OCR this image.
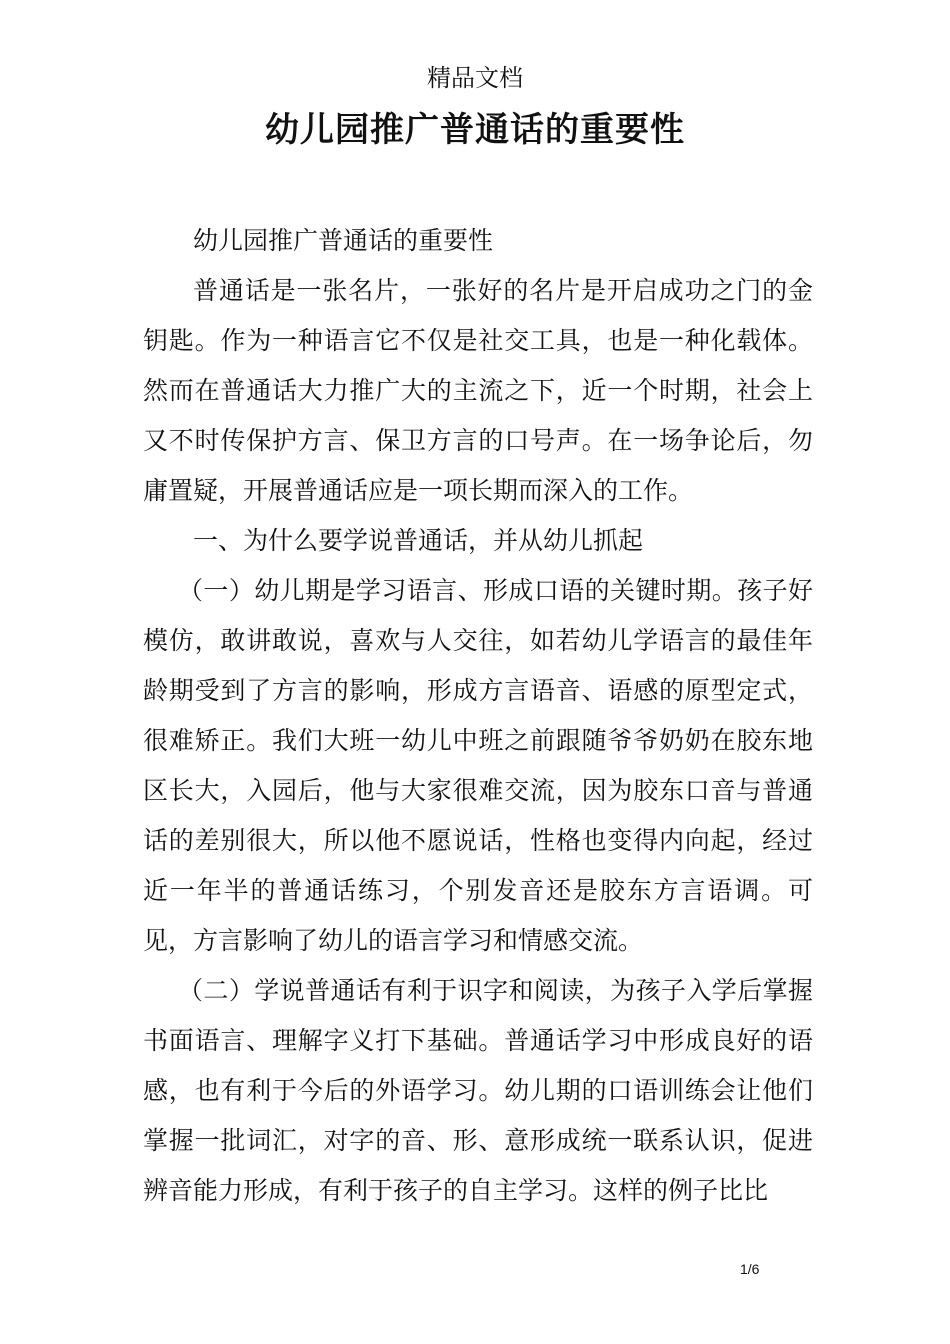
精品文档
幼儿园推广普通话的重要性

幼儿园推广普通话的重要性

普通话是一张名片，一张好的名片是开启成功之门的金钥匙。作为一种语言它不仅是社交工具，也是一种化载体。然而在普通话大力推广大的主流之下，近一个时期，社会上又不时传保护方言、保卫方言的口号声。在一场争论后，勿庸置疑，开展普通话应是一项长期而深入的工作。

一、为什么要学说普通话，并从幼儿抓起

（一）幼儿期是学习语言、形成口语的关键时期。孩子好模仿，敢讲敢说，喜欢与人交往，如若幼儿学语言的最佳年龄期受到了方言的影响，形成方言语音、语感的原型定式，很难矫正。我们大班一幼儿中班之前跟随爷爷奶奶在胶东地区长大，入园后，他与大家很难交流，因为胶东口音与普通话的差别很大，所以他不愿说话，性格也变得内向起，经过近一年半的普通话练习，个别发音还是胶东方言语调。可见，方言影响了幼儿的语言学习和情感交流。

（二）学说普通话有利于识字和阅读，为孩子入学后掌握书面语言、理解字义打下基础。普通话学习中形成良好的语感，也有利于今后的外语学习。幼儿期的口语训练会让他们掌握一批词汇，对字的音、形、意形成统一联系认识，促进辨音能力形成，有利于孩子的自主学习。这样的例子比比

1/6
